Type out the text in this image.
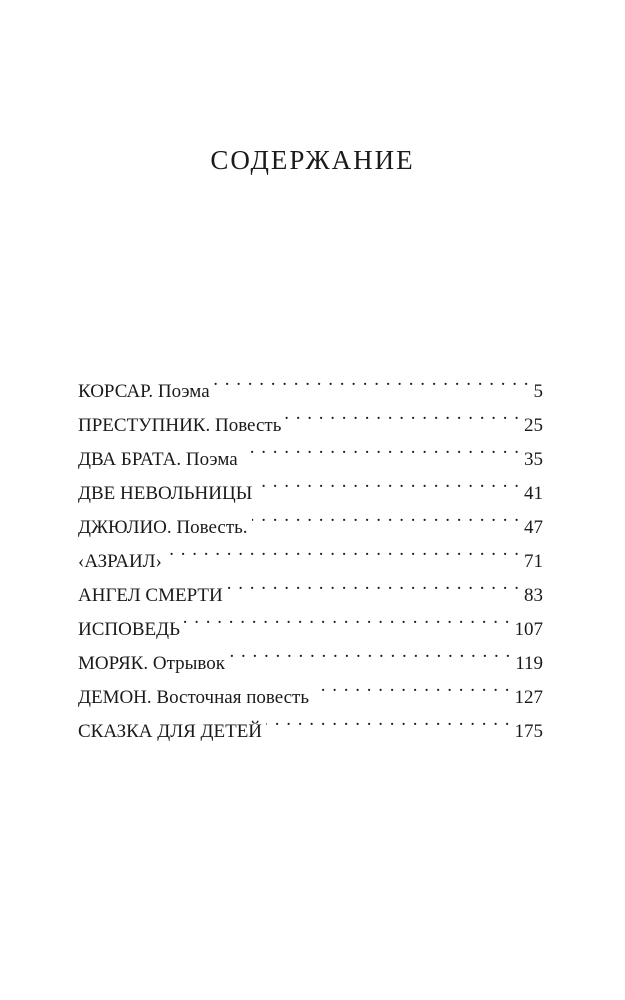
СОДЕРЖАНИЕ
КОРСАР.
Поэма . . .	5
ПРЕСТУПНИК.
Повесть . . .	25
ДВА БРАТА.
Поэма . . .	35
ДВЕ НЕВОЛЬНИЦЫ . . .	41
ДЖЮЛИО.
Повесть. . . .	47
‹АЗРАИЛ› . . .	71
АНГЕЛ СМЕРТИ . . .	83
ИСПОВЕДЬ . . .	107
МОРЯК.
Отрывок . . .	119
ДЕМОН.
Восточная повесть . . .	127
СКАЗКА ДЛЯ ДЕТЕЙ . . .	175
